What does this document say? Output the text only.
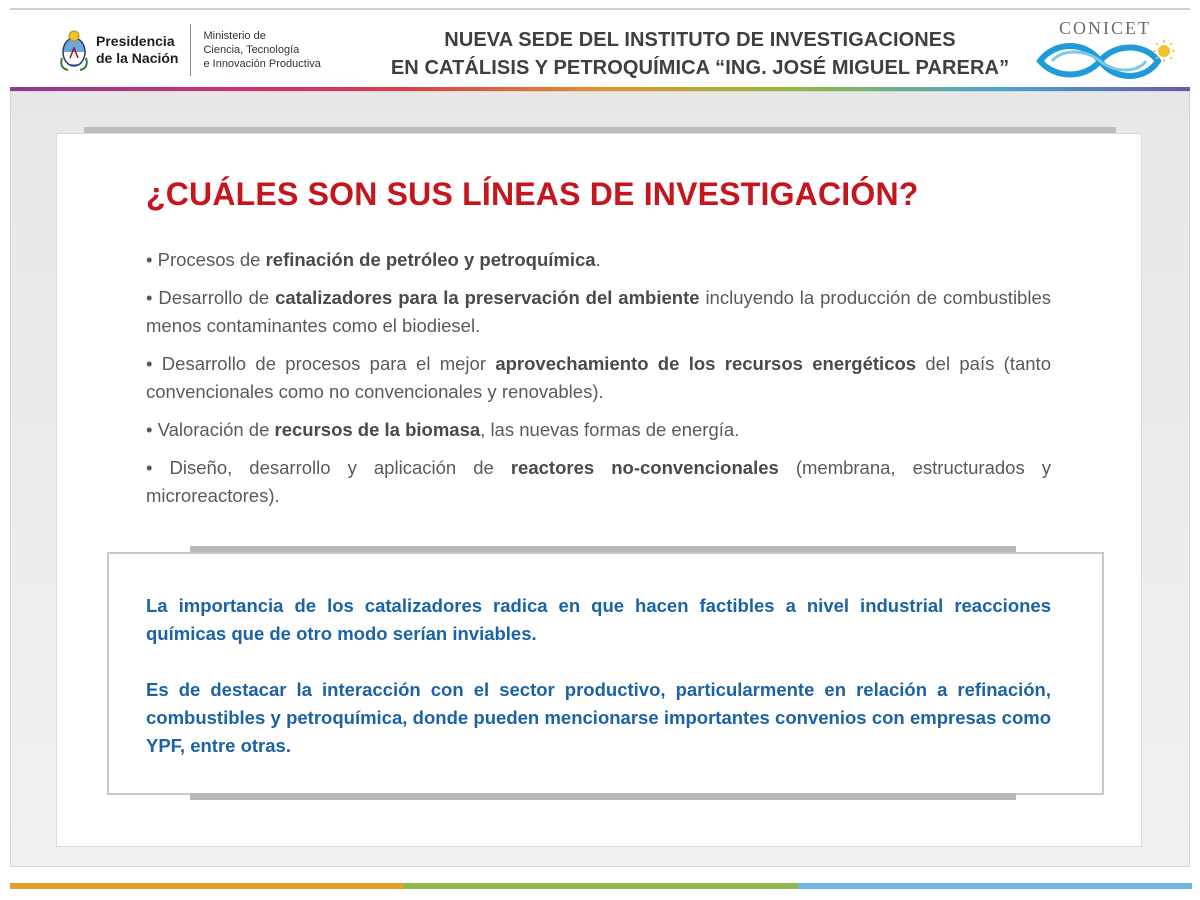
Presidencia
de la Nación
Ministerio de
Ciencia, Tecnología
e Innovación Productiva
NUEVA SEDE DEL INSTITUTO DE INVESTIGACIONES
EN CATÁLISIS Y PETROQUÍMICA “ING. JOSÉ MIGUEL PARERA”
CONICET
¿CUÁLES SON SUS LÍNEAS DE INVESTIGACIÓN?

• Procesos de refinación de petróleo y petroquímica.

• Desarrollo de catalizadores para la preservación del ambiente incluyendo la producción de combustibles menos contaminantes como el biodiesel.

• Desarrollo de procesos para el mejor aprovechamiento de los recursos energéticos del país (tanto convencionales como no convencionales y renovables).

• Valoración de recursos de la biomasa, las nuevas formas de energía.

• Diseño, desarrollo y aplicación de reactores no-convencionales (membrana, estructurados y microreactores).

La importancia de los catalizadores radica en que hacen factibles a nivel industrial reacciones químicas que de otro modo serían inviables.

Es de destacar la interacción con el sector productivo, particularmente en relación a refinación, combustibles y petroquímica, donde pueden mencionarse importantes convenios con empresas como YPF, entre otras.
